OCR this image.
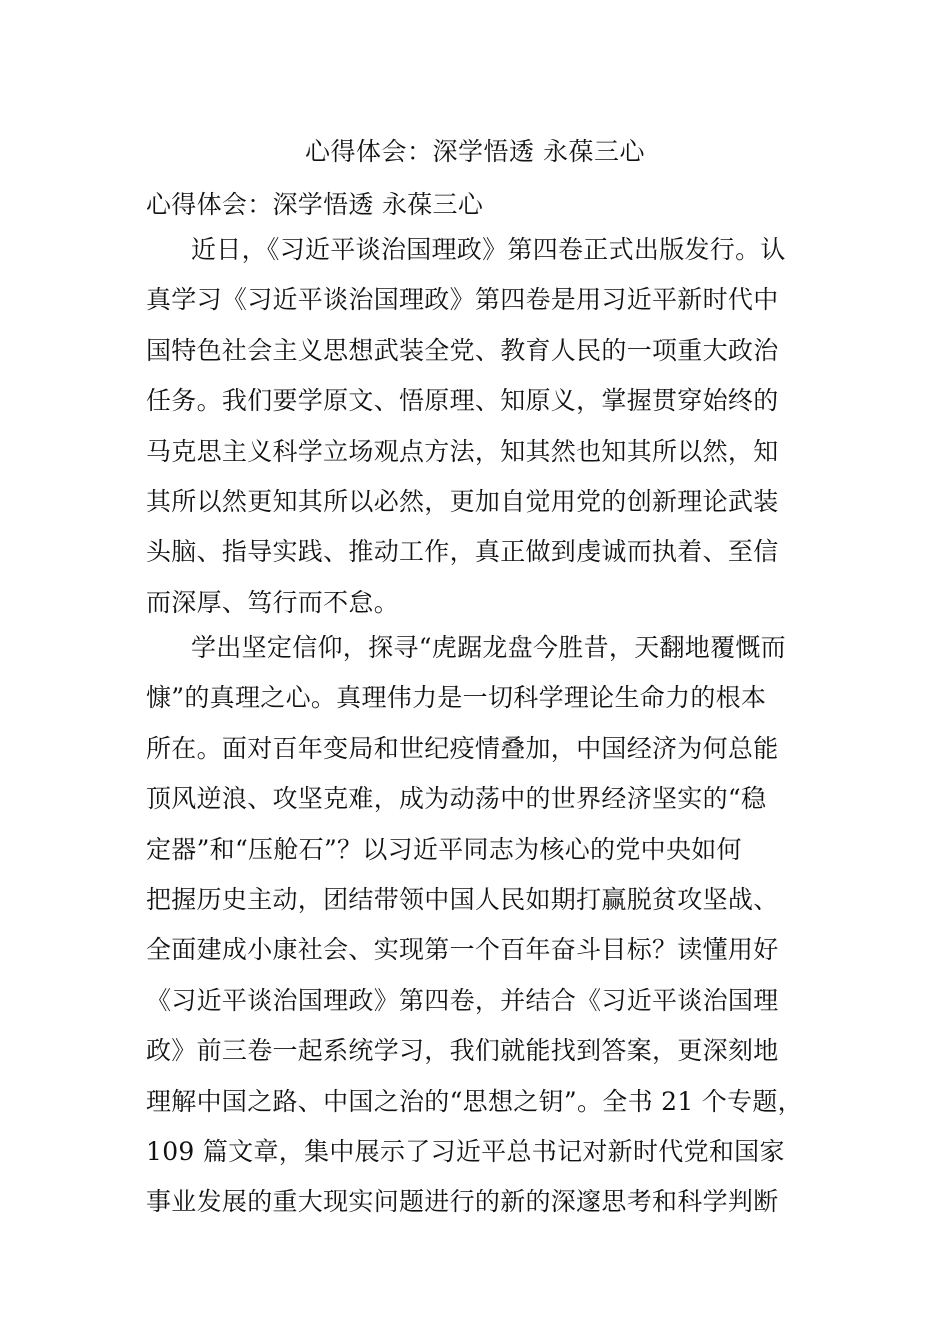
心得体会：深学悟透 永葆三心
心得体会：深学悟透 永葆三心
近日，《习近平谈治国理政》第四卷正式出版发行。认
真学习《习近平谈治国理政》第四卷是用习近平新时代中
国特色社会主义思想武装全党、教育人民的一项重大政治
任务。我们要学原文、悟原理、知原义，掌握贯穿始终的
马克思主义科学立场观点方法，知其然也知其所以然，知
其所以然更知其所以必然，更加自觉用党的创新理论武装
头脑、指导实践、推动工作，真正做到虔诚而执着、至信
而深厚、笃行而不怠。
学出坚定信仰，探寻“虎踞龙盘今胜昔，天翻地覆慨而
慷”的真理之心。真理伟力是一切科学理论生命力的根本
所在。面对百年变局和世纪疫情叠加，中国经济为何总能
顶风逆浪、攻坚克难，成为动荡中的世界经济坚实的“稳
定器”和“压舱石”？以习近平同志为核心的党中央如何
把握历史主动，团结带领中国人民如期打赢脱贫攻坚战、
全面建成小康社会、实现第一个百年奋斗目标？读懂用好
《习近平谈治国理政》第四卷，并结合《习近平谈治国理
政》前三卷一起系统学习，我们就能找到答案，更深刻地
理解中国之路、中国之治的“思想之钥”。全书 21 个专题，
109 篇文章，集中展示了习近平总书记对新时代党和国家
事业发展的重大现实问题进行的新的深邃思考和科学判断
